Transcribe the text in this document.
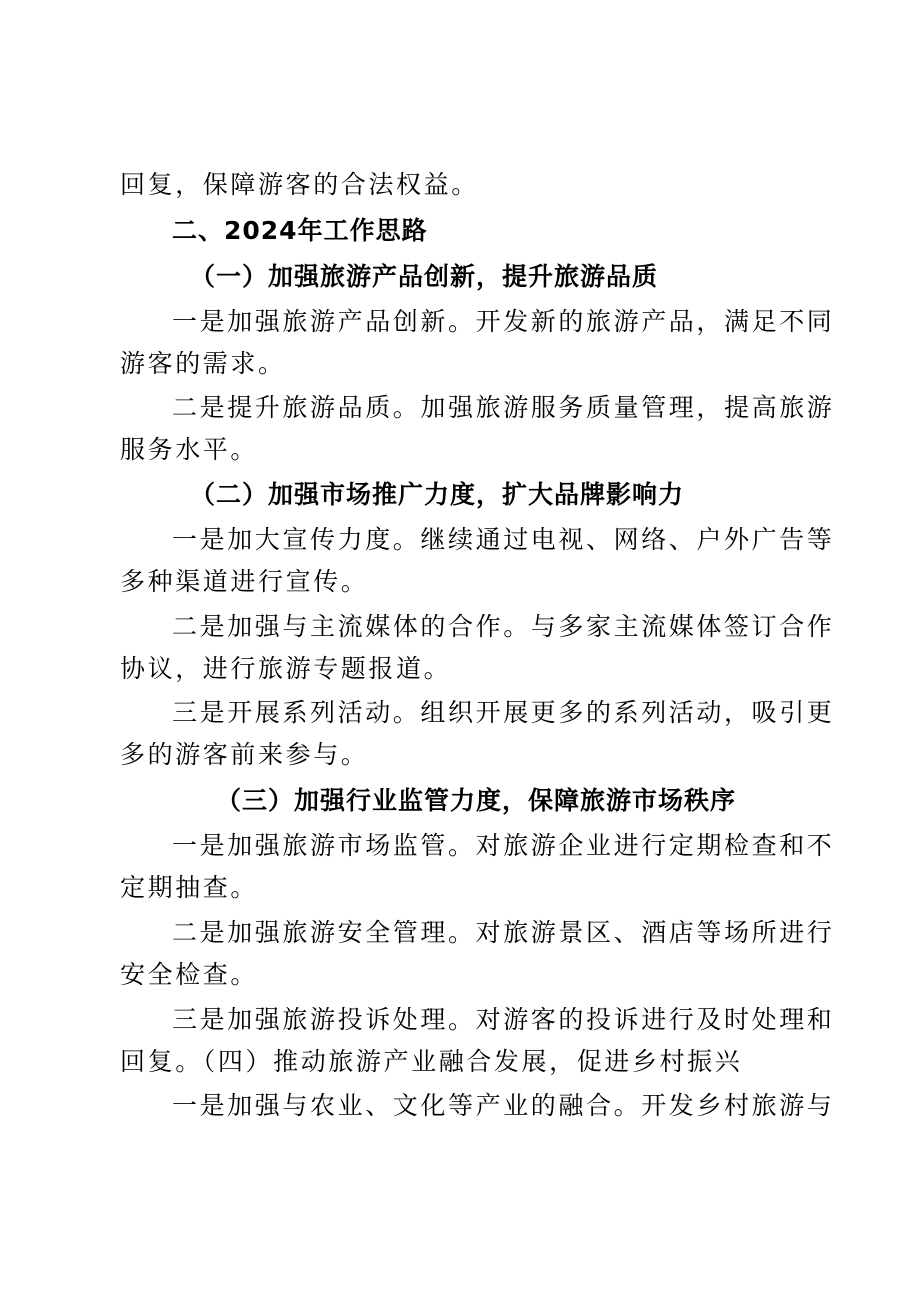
回复，保障游客的合法权益。
二、2024年工作思路
（一）加强旅游产品创新，提升旅游品质
一是加强旅游产品创新。开发新的旅游产品，满足不同
游客的需求。
二是提升旅游品质。加强旅游服务质量管理，提高旅游
服务水平。
（二）加强市场推广力度，扩大品牌影响力
一是加大宣传力度。继续通过电视、网络、户外广告等
多种渠道进行宣传。
二是加强与主流媒体的合作。与多家主流媒体签订合作
协议，进行旅游专题报道。
三是开展系列活动。组织开展更多的系列活动，吸引更
多的游客前来参与。
（三）加强行业监管力度，保障旅游市场秩序
一是加强旅游市场监管。对旅游企业进行定期检查和不
定期抽查。
二是加强旅游安全管理。对旅游景区、酒店等场所进行
安全检查。
三是加强旅游投诉处理。对游客的投诉进行及时处理和
回复。（四）推动旅游产业融合发展，促进乡村振兴
一是加强与农业、文化等产业的融合。开发乡村旅游与
